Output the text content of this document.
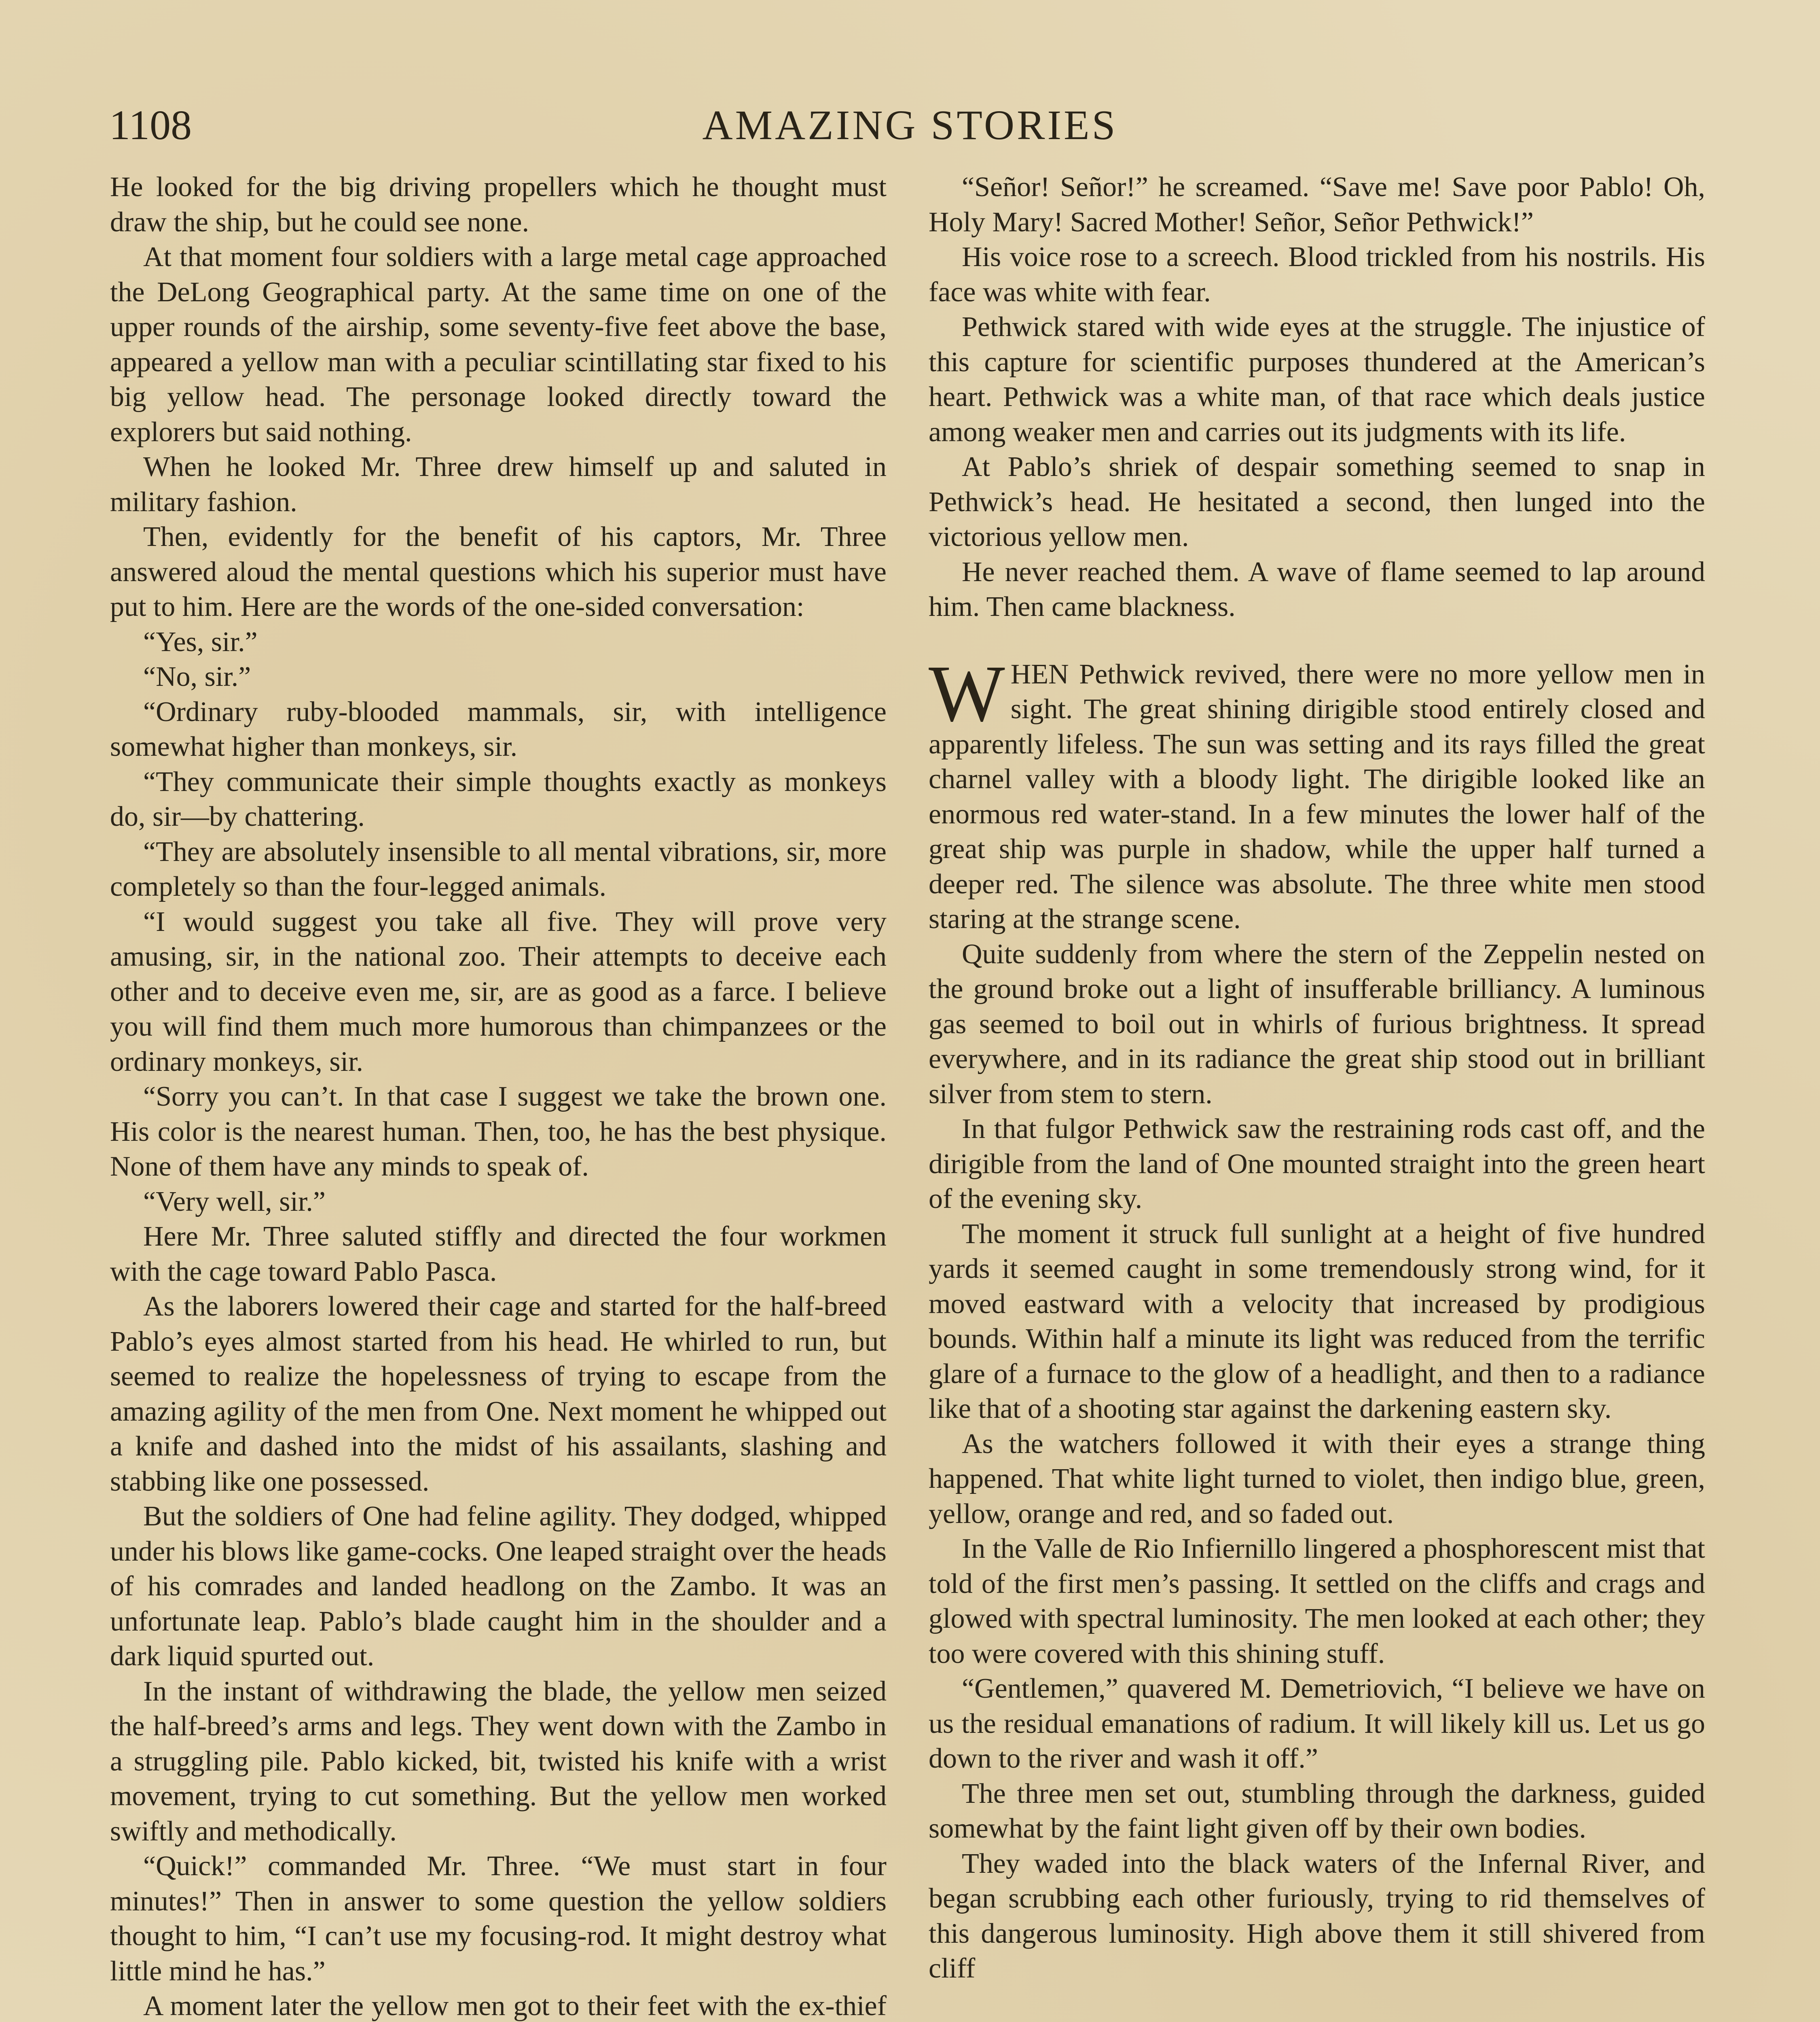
1108	AMAZING STORIES

He looked for the big driving propellers which he thought must draw the ship, but he could see none.

At that moment four soldiers with a large metal cage approached the DeLong Geographical party. At the same time on one of the upper rounds of the airship, some seventy-five feet above the base, appeared a yellow man with a peculiar scintillating star fixed to his big yellow head. The personage looked directly toward the explorers but said nothing.

When he looked Mr. Three drew himself up and saluted in military fashion.

Then, evidently for the benefit of his captors, Mr. Three answered aloud the mental questions which his superior must have put to him. Here are the words of the one-sided conversation:

“Yes, sir.”

“No, sir.”

“Ordinary ruby-blooded mammals, sir, with intelligence somewhat higher than monkeys, sir.

“They communicate their simple thoughts exactly as monkeys do, sir—by chattering.

“They are absolutely insensible to all mental vibrations, sir, more completely so than the four-legged animals.

“I would suggest you take all five. They will prove very amusing, sir, in the national zoo. Their attempts to deceive each other and to deceive even me, sir, are as good as a farce. I believe you will find them much more humorous than chimpanzees or the ordinary monkeys, sir.

“Sorry you can’t. In that case I suggest we take the brown one. His color is the nearest human. Then, too, he has the best physique. None of them have any minds to speak of.

“Very well, sir.”

Here Mr. Three saluted stiffly and directed the four workmen with the cage toward Pablo Pasca.

As the laborers lowered their cage and started for the half-breed Pablo’s eyes almost started from his head. He whirled to run, but seemed to realize the hopelessness of trying to escape from the amazing agility of the men from One. Next moment he whipped out a knife and dashed into the midst of his assailants, slashing and stabbing like one possessed.

But the soldiers of One had feline agility. They dodged, whipped under his blows like game-cocks. One leaped straight over the heads of his comrades and landed headlong on the Zambo. It was an unfortunate leap. Pablo’s blade caught him in the shoulder and a dark liquid spurted out.

In the instant of withdrawing the blade, the yellow men seized the half-breed’s arms and legs. They went down with the Zambo in a struggling pile. Pablo kicked, bit, twisted his knife with a wrist movement, trying to cut something. But the yellow men worked swiftly and methodically.

“Quick!” commanded Mr. Three. “We must start in four minutes!” Then in answer to some question the yellow soldiers thought to him, “I can’t use my focusing-rod. It might destroy what little mind he has.”

A moment later the yellow men got to their feet with the ex-thief

“Señor! Señor!” he screamed. “Save me! Save poor Pablo! Oh, Holy Mary! Sacred Mother! Señor, Señor Pethwick!”

His voice rose to a screech. Blood trickled from his nostrils. His face was white with fear.

Pethwick stared with wide eyes at the struggle. The injustice of this capture for scientific purposes thundered at the American’s heart. Pethwick was a white man, of that race which deals justice among weaker men and carries out its judgments with its life.

At Pablo’s shriek of despair something seemed to snap in Pethwick’s head. He hesitated a second, then lunged into the victorious yellow men.

He never reached them. A wave of flame seemed to lap around him. Then came blackness.

WHEN Pethwick revived, there were no more yellow men in sight. The great shining dirigible stood entirely closed and apparently lifeless. The sun was setting and its rays filled the great charnel valley with a bloody light. The dirigible looked like an enormous red water-stand. In a few minutes the lower half of the great ship was purple in shadow, while the upper half turned a deeper red. The silence was absolute. The three white men stood staring at the strange scene.

Quite suddenly from where the stern of the Zeppelin nested on the ground broke out a light of insufferable brilliancy. A luminous gas seemed to boil out in whirls of furious brightness. It spread everywhere, and in its radiance the great ship stood out in brilliant silver from stem to stern.

In that fulgor Pethwick saw the restraining rods cast off, and the dirigible from the land of One mounted straight into the green heart of the evening sky.

The moment it struck full sunlight at a height of five hundred yards it seemed caught in some tremendously strong wind, for it moved eastward with a velocity that increased by prodigious bounds. Within half a minute its light was reduced from the terrific glare of a furnace to the glow of a headlight, and then to a radiance like that of a shooting star against the darkening eastern sky.

As the watchers followed it with their eyes a strange thing happened. That white light turned to violet, then indigo blue, green, yellow, orange and red, and so faded out.

In the Valle de Rio Infiernillo lingered a phosphorescent mist that told of the first men’s passing. It settled on the cliffs and crags and glowed with spectral luminosity. The men looked at each other; they too were covered with this shining stuff.

“Gentlemen,” quavered M. Demetriovich, “I believe we have on us the residual emanations of radium. It will likely kill us. Let us go down to the river and wash it off.”

The three men set out, stumbling through the darkness, guided somewhat by the faint light given off by their own bodies.

They waded into the black waters of the Infernal River, and began scrubbing each other furiously, trying to rid themselves of this dangerous luminosity. High above them it still shivered from cliff
